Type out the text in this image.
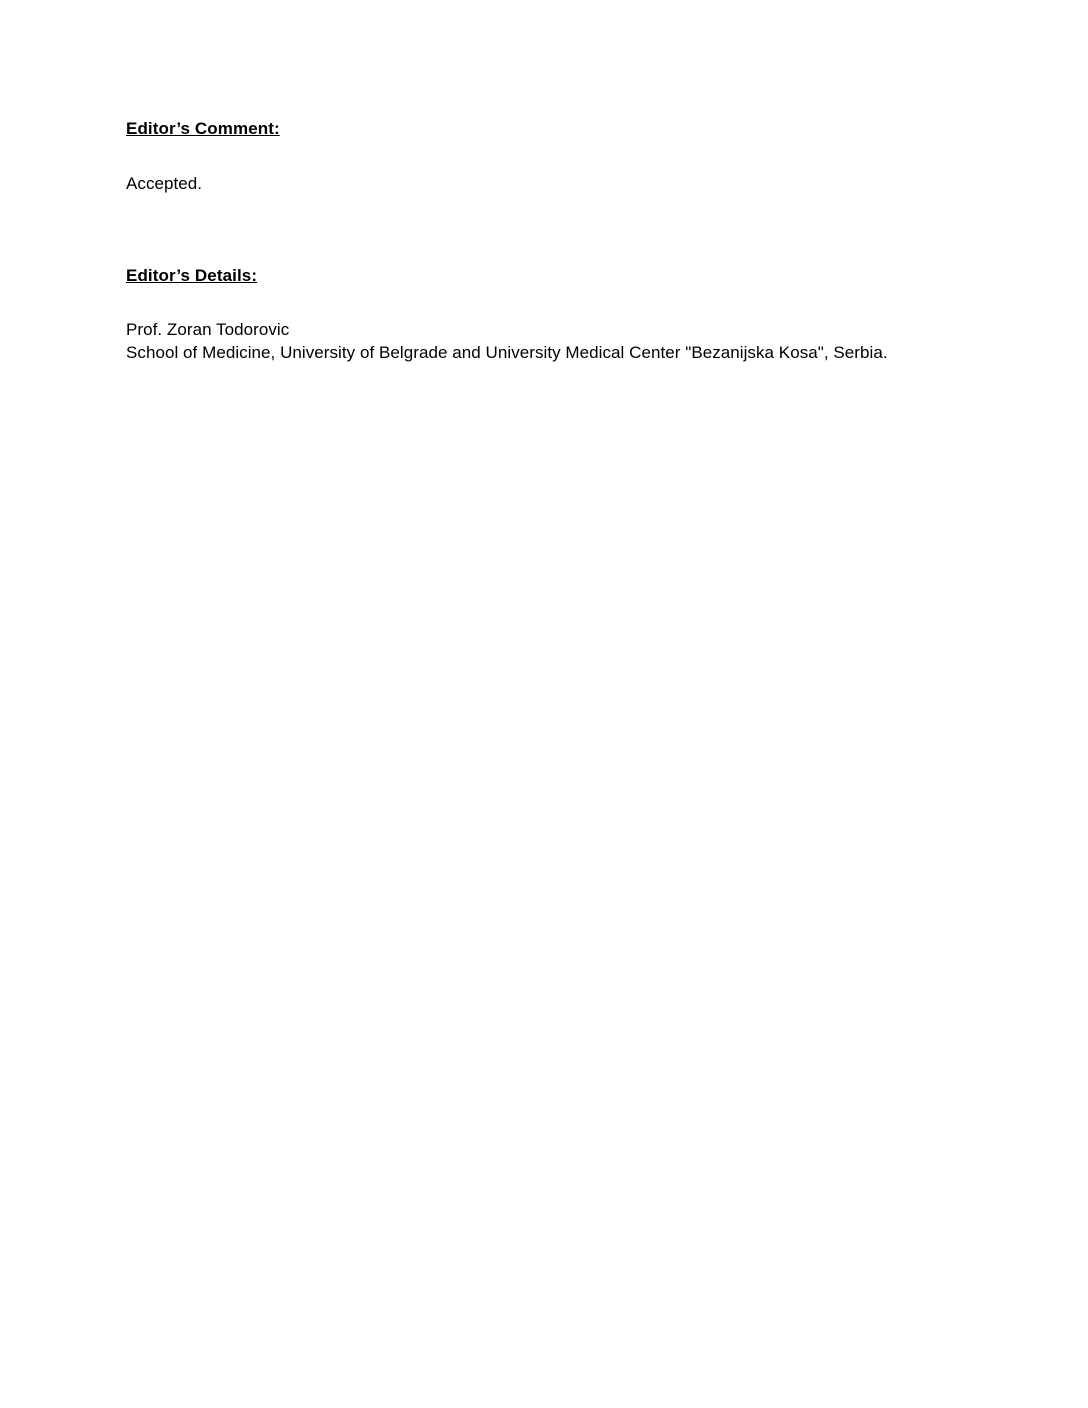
Editor’s Comment:

Accepted.

Editor’s Details:

Prof. Zoran Todorovic

School of Medicine, University of Belgrade and University Medical Center "Bezanijska Kosa", Serbia.
